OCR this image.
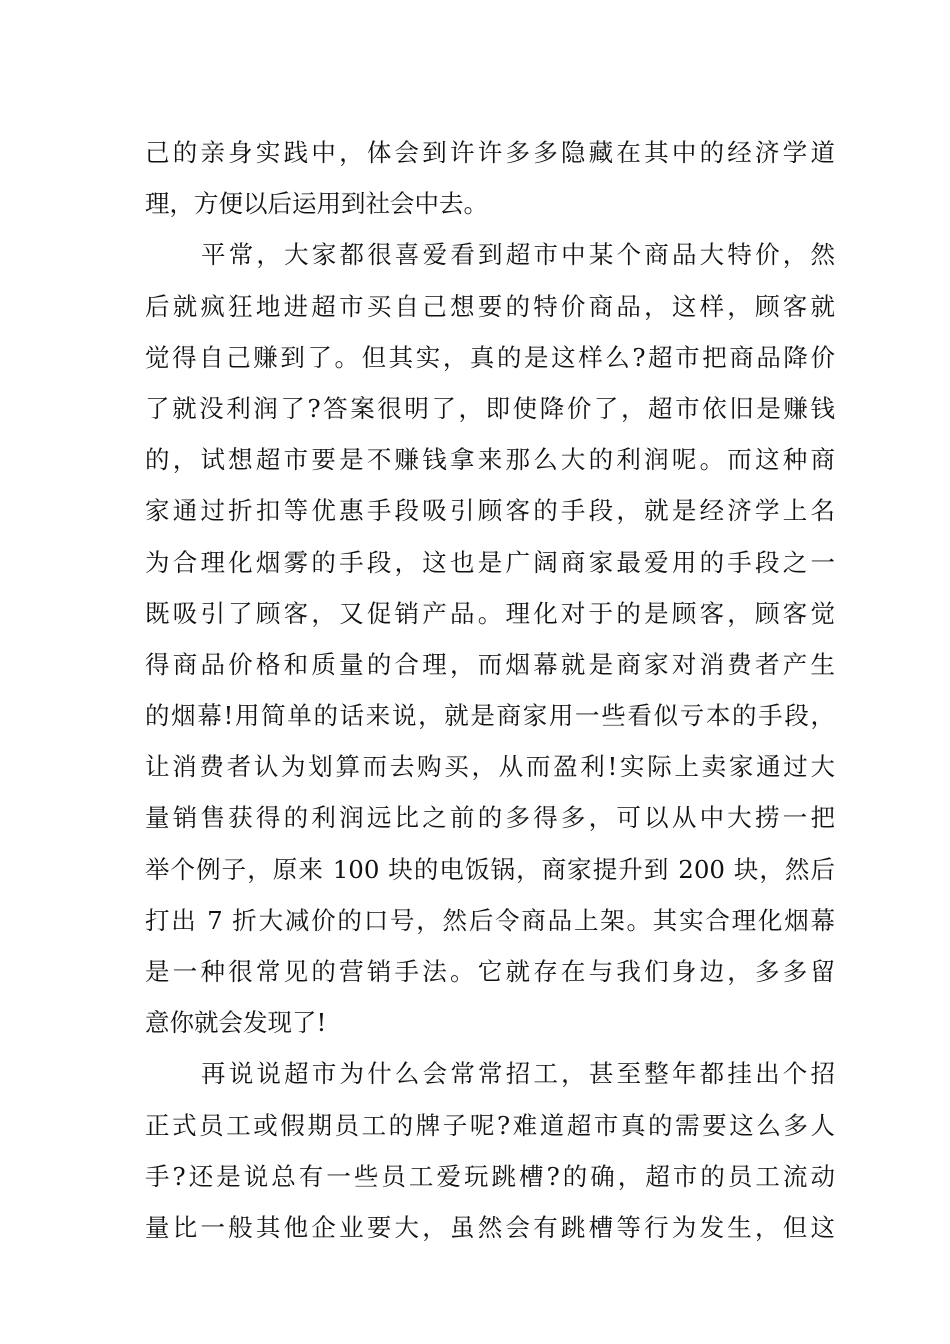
己的亲身实践中，体会到许许多多隐藏在其中的经济学道
理，方便以后运用到社会中去。
平常，大家都很喜爱看到超市中某个商品大特价，然
后就疯狂地进超市买自己想要的特价商品，这样，顾客就
觉得自己赚到了。但其实，真的是这样么?超市把商品降价
了就没利润了?答案很明了，即使降价了，超市依旧是赚钱
的，试想超市要是不赚钱拿来那么大的利润呢。而这种商
家通过折扣等优惠手段吸引顾客的手段，就是经济学上名
为合理化烟雾的手段，这也是广阔商家最爱用的手段之一
既吸引了顾客，又促销产品。理化对于的是顾客，顾客觉
得商品价格和质量的合理，而烟幕就是商家对消费者产生
的烟幕!用简单的话来说，就是商家用一些看似亏本的手段，
让消费者认为划算而去购买，从而盈利!实际上卖家通过大
量销售获得的利润远比之前的多得多，可以从中大捞一把
举个例子，原来 100 块的电饭锅，商家提升到 200 块，然后
打出 7 折大减价的口号，然后令商品上架。其实合理化烟幕
是一种很常见的营销手法。它就存在与我们身边，多多留
意你就会发现了!
再说说超市为什么会常常招工，甚至整年都挂出个招
正式员工或假期员工的牌子呢?难道超市真的需要这么多人
手?还是说总有一些员工爱玩跳槽?的确，超市的员工流动
量比一般其他企业要大，虽然会有跳槽等行为发生，但这
